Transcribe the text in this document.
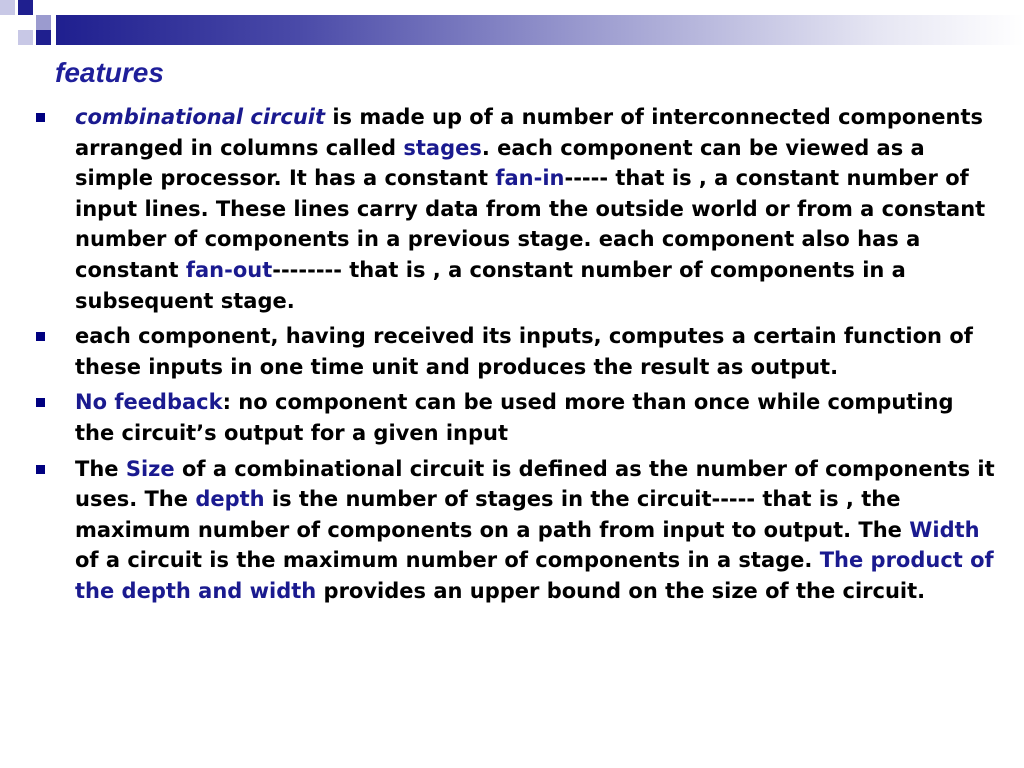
features
combinational circuit is made up of a number of interconnected components arranged in columns called stages. each component can be viewed as a simple processor. It has a constant fan-in----- that is , a constant number of input lines. These lines carry data from the outside world or from a constant number of components in a previous stage. each component also has a constant fan-out-------- that is , a constant number of components in a subsequent stage.
each component, having received its inputs, computes a certain function of these inputs in one time unit and produces the result as output.
No feedback: no component can be used more than once while computing the circuit’s output for a given input
The Size of a combinational circuit is defined as the number of components it uses. The depth is the number of stages in the circuit----- that is , the maximum number of components on a path from input to output. The Width of a circuit is the maximum number of components in a stage. The product of the depth and width provides an upper bound on the size of the circuit.
